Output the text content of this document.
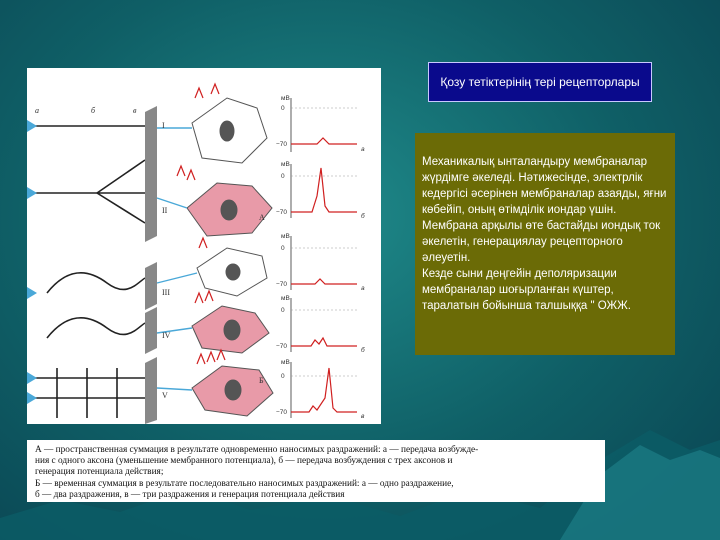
I
II
III
IV
V
А
Б
а	б	в
мВ
0
−70
а
мВ
0
−70
б
мВ
0
−70
а
мВ
0
−70
б
мВ
0
−70
в
Қозу тетіктерінің тері рецепторлары

Механикалық ынталандыру мембраналар жүрдімге әкеледі. Нәтижесінде, электрлік кедергісі әсерінен мембраналар азаяды, яғни көбейіп, оның өтімділік иондар үшін. Мембрана арқылы өте бастайды иондық ток әкелетін, генерациялау рецепторного әлеуетін.
Кезде сыни деңгейін деполяризации мембраналар шоғырланған күштер, таралатын бойынша талшыққа " ОЖЖ.

А — пространственная суммация в результате одновременно наносимых раздражений: а — передача возбужде-
ния с одного аксона (уменьшение мембранного потенциала), б — передача возбуждения с трех аксонов и
генерация потенциала действия;
Б — временная суммация в результате последовательно наносимых раздражений: а — одно раздражение,
б — два раздражения, в — три раздражения и генерация потенциала действия
